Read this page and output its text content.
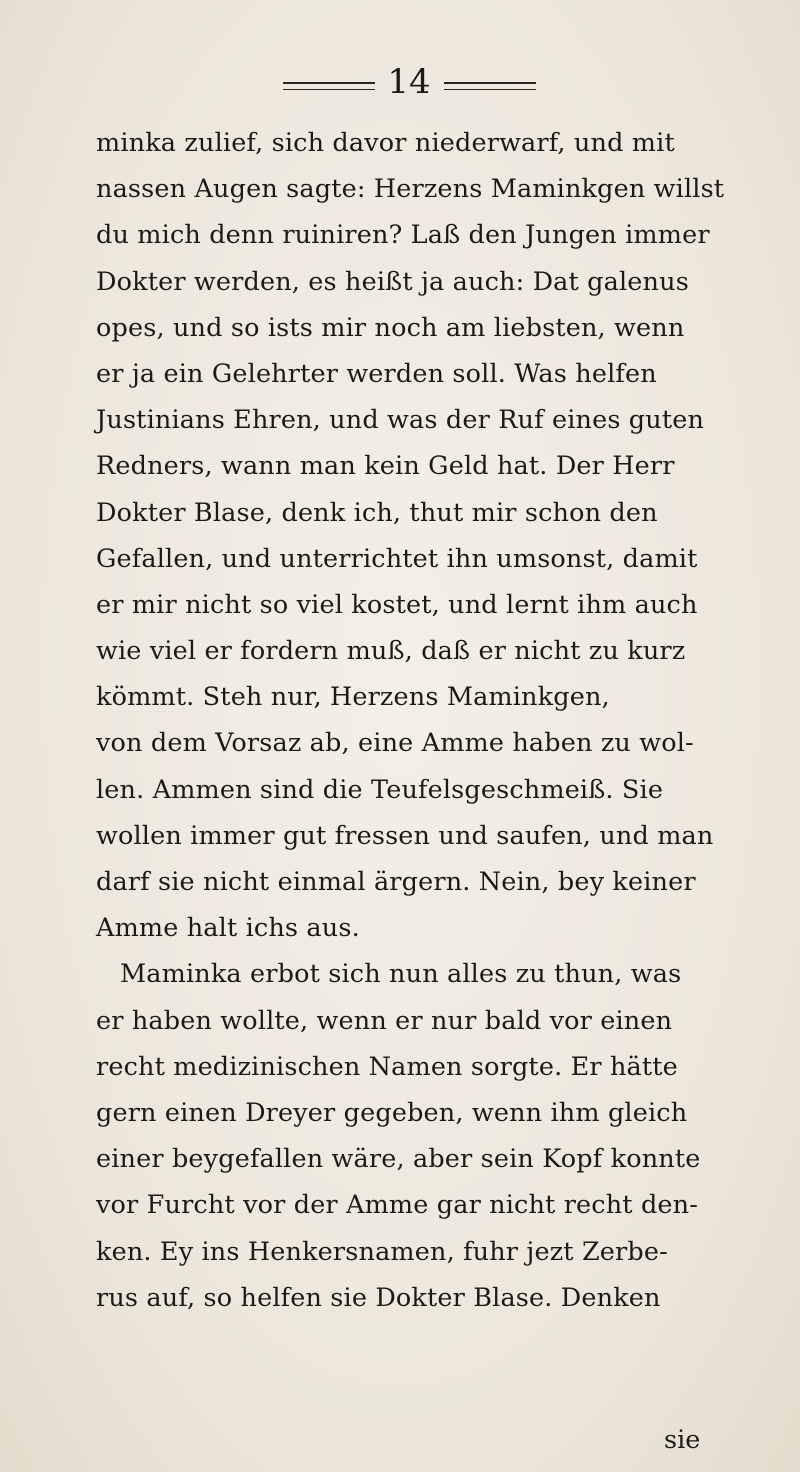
14
minka zulief, sich davor niederwarf, und mit
nassen Augen sagte: Herzens Maminkgen willst
du mich denn ruiniren? Laß den Jungen immer
Dokter werden, es heißt ja auch: Dat galenus
opes, und so ists mir noch am liebsten, wenn
er ja ein Gelehrter werden soll. Was helfen
Justinians Ehren, und was der Ruf eines guten
Redners, wann man kein Geld hat. Der Herr
Dokter Blase, denk ich, thut mir schon den
Gefallen, und unterrichtet ihn umsonst, damit
er mir nicht so viel kostet, und lernt ihm auch
wie viel er fordern muß, daß er nicht zu kurz
kömmt. Steh nur, Herzens Maminkgen,
von dem Vorsaz ab, eine Amme haben zu wol-
len. Ammen sind die Teufelsgeschmeiß. Sie
wollen immer gut fressen und saufen, und man
darf sie nicht einmal ärgern. Nein, bey keiner
Amme halt ichs aus.
Maminka erbot sich nun alles zu thun, was
er haben wollte, wenn er nur bald vor einen
recht medizinischen Namen sorgte. Er hätte
gern einen Dreyer gegeben, wenn ihm gleich
einer beygefallen wäre, aber sein Kopf konnte
vor Furcht vor der Amme gar nicht recht den-
ken. Ey ins Henkersnamen, fuhr jezt Zerbe-
rus auf, so helfen sie Dokter Blase. Denken
sie
